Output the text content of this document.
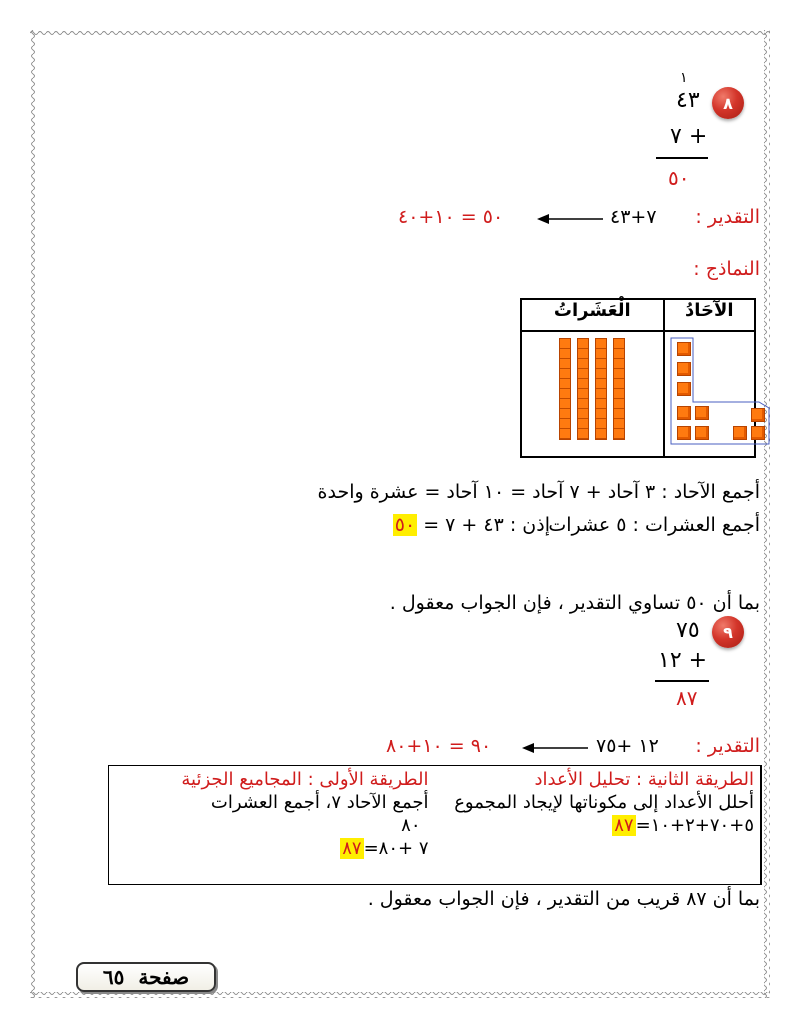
٨
١
٤٣
٧ +
٥٠
التقدير :
٧+٤٣
٥٠ = ١٠+٤٠
النماذج :
الْعَشَراتُ	الآحَادُ

أجمع الآحاد : ٣ آحاد + ٧ آحاد = ١٠ آحاد = عشرة واحدة
أجمع العشرات : ٥ عشرات
إذن : ٤٣ + ٧ = ٥٠
بما أن ٥٠ تساوي التقدير ، فإن الجواب معقول .
٩
٧٥
١٢ +
٨٧
التقدير :
١٢ +٧٥
٩٠ = ١٠+٨٠
الطريقة الأولى : المجاميع الجزئية
أجمع الآحاد ٧، أجمع العشرات
٨٠
٧ +٨٠=٨٧
الطريقة الثانية : تحليل الأعداد
أحلل الأعداد إلى مكوناتها لإيجاد المجموع
٥+٧٠+٢+١٠=٨٧
بما أن ٨٧ قريب من التقدير ، فإن الجواب معقول .
صفحة

٦٥
